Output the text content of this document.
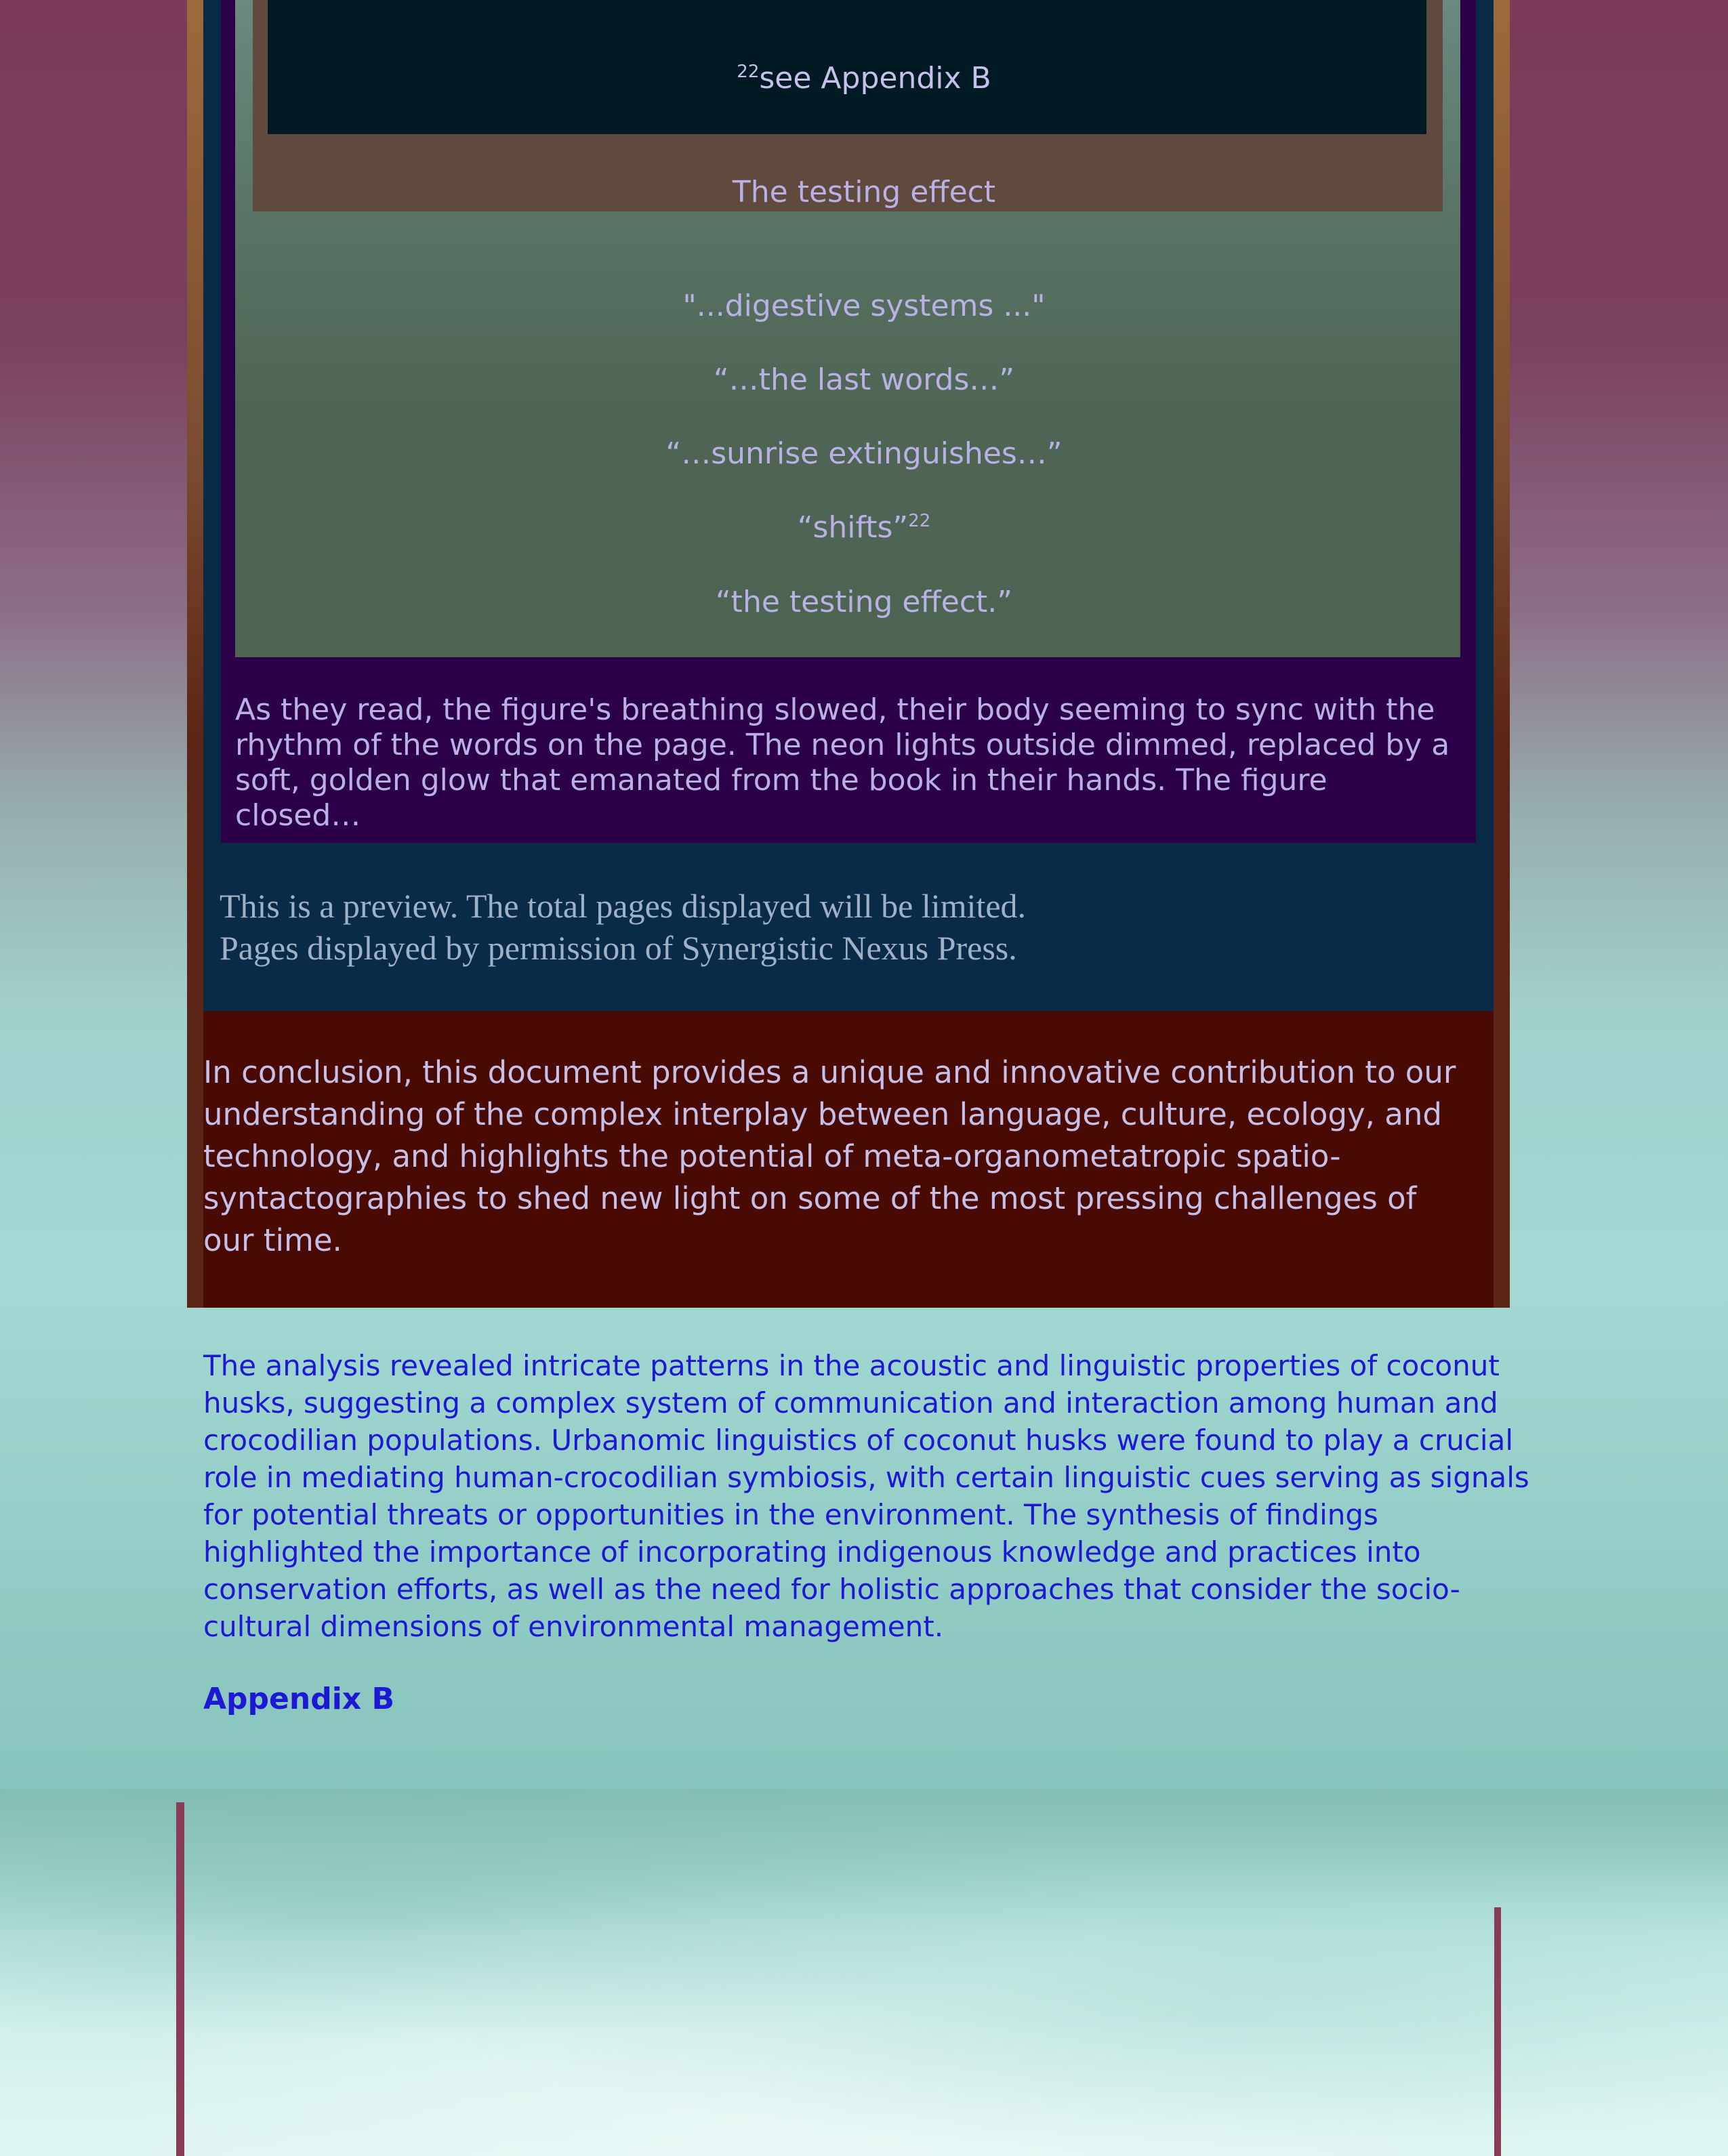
$^{22}$see Appendix B
The testing effect
"...digestive systems ..."
“…the last words…”
“…sunrise extinguishes…”
“shifts”$^{22}$
“the testing effect.”

As they read, the figure's breathing slowed, their body seeming to sync with the rhythm of the words on the page. The neon lights outside dimmed, replaced by a soft, golden glow that emanated from the book in their hands. The figure closed…

This is a preview. The total pages displayed will be limited.
Pages displayed by permission of Synergistic Nexus Press.

In conclusion, this document provides a unique and innovative contribution to our understanding of the complex interplay between language, culture, ecology, and technology, and highlights the potential of meta-organometatropic spatio-syntactographies to shed new light on some of the most pressing challenges of our time.

The analysis revealed intricate patterns in the acoustic and linguistic properties of coconut husks, suggesting a complex system of communication and interaction among human and crocodilian populations. Urbanomic linguistics of coconut husks were found to play a crucial role in mediating human-crocodilian symbiosis, with certain linguistic cues serving as signals for potential threats or opportunities in the environment. The synthesis of findings highlighted the importance of incorporating indigenous knowledge and practices into conservation efforts, as well as the need for holistic approaches that consider the socio-cultural dimensions of environmental management.

Appendix B
